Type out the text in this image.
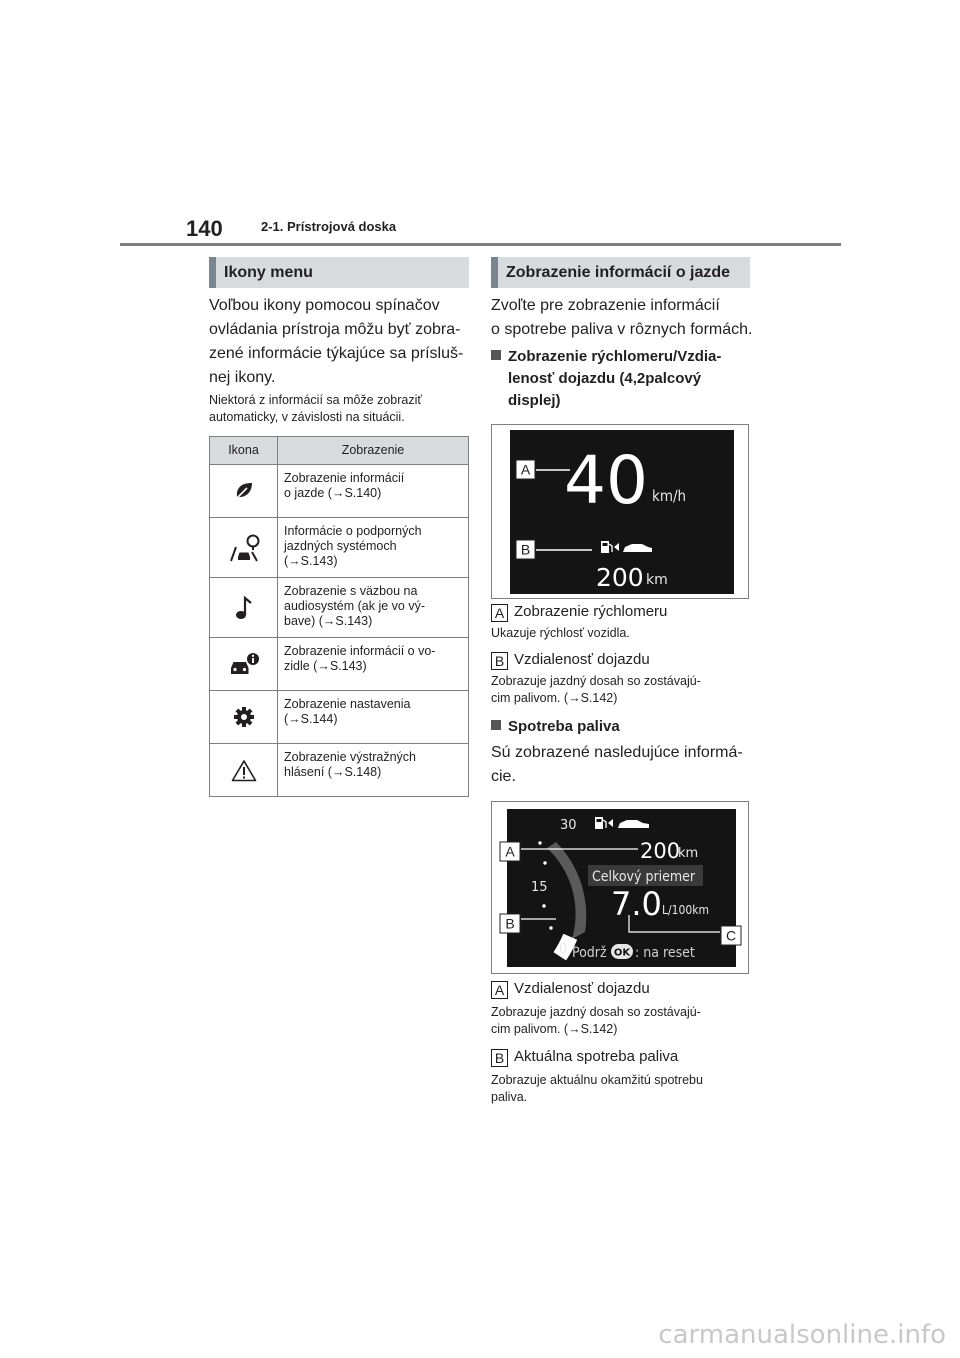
140	2-1. Prístrojová doska
Ikony menu
Voľbou ikony pomocou spínačov
ovládania prístroja môžu byť zobra-
zené informácie týkajúce sa prísluš-
nej ikony.
Niektorá z informácií sa môže zobraziť
automaticky, v závislosti na situácii.
Ikona	Zobrazenie

Zobrazenie informácií
o jazde (→S.140)

Informácie o podporných
jazdných systémoch
(→S.143)

Zobrazenie s väzbou na
audiosystém (ak je vo vý-
bave) (→S.143)

Zobrazenie informácií o vo-
zidle (→S.143)

Zobrazenie nastavenia
(→S.144)

Zobrazenie výstražných
hlásení (→S.148)
Zobrazenie informácií o jazde
Zvoľte pre zobrazenie informácií
o spotrebe paliva v rôznych formách.
Zobrazenie rýchlomeru/Vzdia-
lenosť dojazdu (4,2palcový
displej)
40 km/h
A
B
200 km
A Zobrazenie rýchlomeru
Ukazuje rýchlosť vozidla.
B Vzdialenosť dojazdu
Zobrazuje jazdný dosah so zostávajú-
cim palivom. (→S.142)
Spotreba paliva
Sú zobrazené nasledujúce informá-
cie.
30
15
0
200
km
Celkový priemer
7.0 L/100km
Podrž OK : na reset
A
B
C
A Vzdialenosť dojazdu
Zobrazuje jazdný dosah so zostávajú-
cim palivom. (→S.142)
B Aktuálna spotreba paliva
Zobrazuje aktuálnu okamžitú spotrebu
paliva.
carmanualsonline.info
